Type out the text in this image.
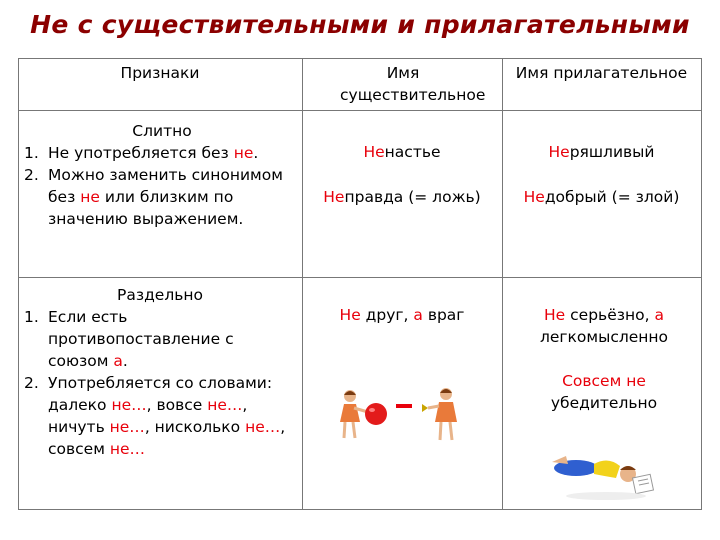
Не с существительными и прилагательными
Признаки	Имя существительное
Имя прилагательное
Слитно
1. Не употребляется без не.
2. Можно заменить синонимом без не или близким по значению выражением.
Ненастье
Неправда (= ложь)
Неряшливый
Недобрый (= злой)
Раздельно
1. Если есть противопоставление с союзом а.
2. Употребляется со словами: далеко не…, вовсе не…, ничуть не…, нисколько не…, совсем не…
Не друг, а враг	Не серьёзно, а легкомысленно
Совсем не
убедительно
